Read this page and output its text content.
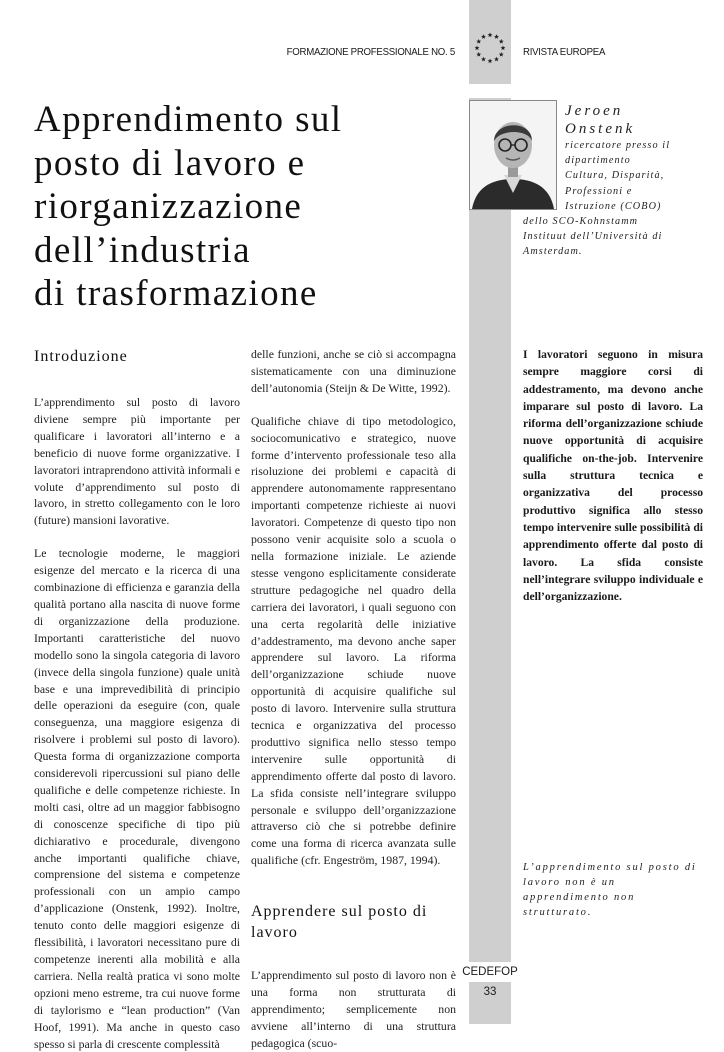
FORMAZIONE PROFESSIONALE NO. 5	RIVISTA EUROPEA
Apprendimento sul
posto di lavoro e
riorganizzazione
dell’industria
di trasformazione
Jeroen
Onstenk
ricercatore presso il
dipartimento
Cultura, Disparità,
Professioni e
Istruzione (COBO)
dello SCO-Kohnstamm
Instituut dell’Università di
Amsterdam.
Introduzione

L’apprendimento sul posto di lavoro diviene sempre più importante per qualificare i lavoratori all’interno e a beneficio di nuove forme organizzative. I lavoratori intraprendono attività informali e volute d’apprendimento sul posto di lavoro, in stretto collegamento con le loro (future) mansioni lavorative.

Le tecnologie moderne, le maggiori esigenze del mercato e la ricerca di una combinazione di efficienza e garanzia della qualità portano alla nascita di nuove forme di organizzazione della produzione. Importanti caratteristiche del nuovo modello sono la singola categoria di lavoro (invece della singola funzione) quale unità base e una imprevedibilità di principio delle operazioni da eseguire (con, quale conseguenza, una maggiore esigenza di risolvere i problemi sul posto di lavoro). Questa forma di organizzazione comporta considerevoli ripercussioni sul piano delle qualifiche e delle competenze richieste. In molti casi, oltre ad un maggior fabbisogno di conoscenze specifiche di tipo più dichiarativo e procedurale, divengono anche importanti qualifiche chiave, comprensione del sistema e competenze professionali con un ampio campo d’applicazione (Onstenk, 1992). Inoltre, tenuto conto delle maggiori esigenze di flessibilità, i lavoratori necessitano pure di competenze inerenti alla mobilità e alla carriera. Nella realtà pratica vi sono molte opzioni meno estreme, tra cui nuove forme di taylorismo e “lean production” (Van Hoof, 1991). Ma anche in questo caso spesso si parla di crescente complessità

delle funzioni, anche se ciò si accompagna sistematicamente con una diminuzione dell’autonomia (Steijn & De Witte, 1992).

Qualifiche chiave di tipo metodologico, sociocomunicativo e strategico, nuove forme d’intervento professionale teso alla risoluzione dei problemi e capacità di apprendere autonomamente rappresentano importanti competenze richieste ai nuovi lavoratori. Competenze di questo tipo non possono venir acquisite solo a scuola o nella formazione iniziale. Le aziende stesse vengono esplicitamente considerate strutture pedagogiche nel quadro della carriera dei lavoratori, i quali seguono con una certa regolarità delle iniziative d’addestramento, ma devono anche saper apprendere sul lavoro. La riforma dell’organizzazione schiude nuove opportunità di acquisire qualifiche sul posto di lavoro. Intervenire sulla struttura tecnica e organizzativa del processo produttivo significa nello stesso tempo intervenire sulle opportunità di apprendimento offerte dal posto di lavoro. La sfida consiste nell’integrare sviluppo personale e sviluppo dell’organizzazione attraverso ciò che si potrebbe definire come una forma di ricerca avanzata sulle qualifiche (cfr. Engeström, 1987, 1994).

Apprendere sul posto di lavoro

L’apprendimento sul posto di lavoro non è una forma non strutturata di apprendimento; semplicemente non avviene all’interno di una struttura pedagogica (scuo-

I lavoratori seguono in misura sempre maggiore corsi di addestramento, ma devono anche imparare sul posto di lavoro. La riforma dell’organizzazione schiude nuove opportunità di acquisire qualifiche on-the-job. Intervenire sulla struttura tecnica e organizzativa del processo produttivo significa allo stesso tempo intervenire sulle possibilità di apprendimento offerte dal posto di lavoro. La sfida consiste nell’integrare sviluppo individuale e dell’organizzazione.
L’apprendimento sul posto di lavoro non è un apprendimento non strutturato.
CEDEFOP
33
